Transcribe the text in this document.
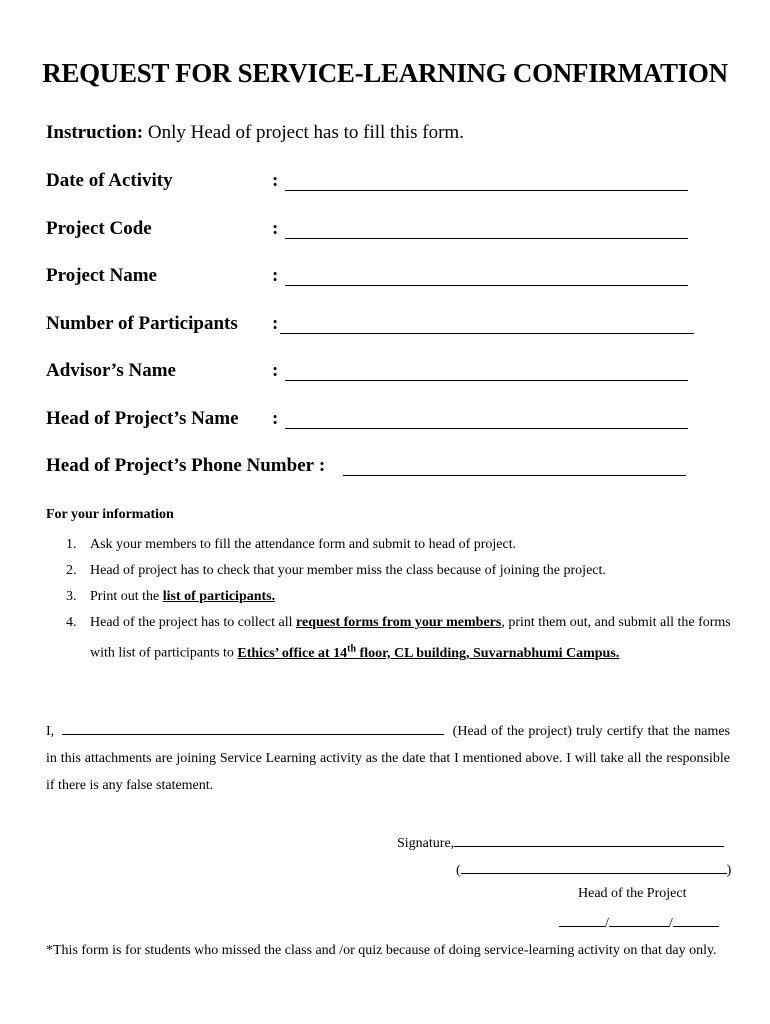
REQUEST FOR SERVICE-LEARNING CONFIRMATION
Instruction: Only Head of project has to fill this form.
Date of Activity	:
Project Code	:
Project Name	:
Number of Participants :
Advisor’s Name	:
Head of Project’s Name :
Head of Project’s Phone Number :
For your information
1. Ask your members to fill the attendance form and submit to head of project.
2. Head of project has to check that your member miss the class because of joining the project.
3. Print out the list of participants.
4. Head of the project has to collect all request forms from your members, print them out, and submit all the forms with list of participants to Ethics’ office at 14th floor, CL building, Suvarnabhumi Campus.
I,	(Head of the project) truly certify that the names in this attachments are joining Service Learning activity as the date that I mentioned above. I will take all the responsible if there is any false statement.
Signature,
(	)
Head of the Project
/	/
*This form is for students who missed the class and /or quiz because of doing service-learning activity on that day only.
